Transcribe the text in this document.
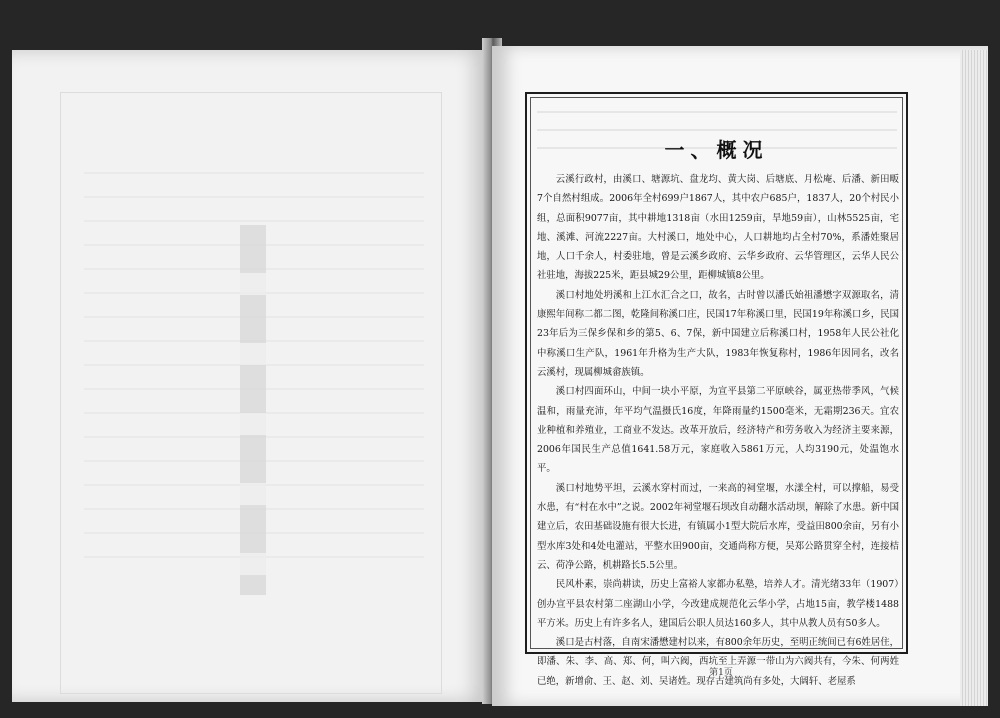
一、概况

云溪行政村，由溪口、塘源坑、盘龙均、黄大岗、后塘底、月松庵、后潘、新田畈7个自然村组成。2006年全村699户1867人，其中农户685户，1837人，20个村民小组，总面积9077亩，其中耕地1318亩（水田1259亩，旱地59亩），山林5525亩，宅地、溪滩、河流2227亩。大村溪口，地处中心，人口耕地均占全村70%，系潘姓聚居地，人口千余人，村委驻地，曾是云溪乡政府、云华乡政府、云华管理区，云华人民公社驻地，海拔225米，距县城29公里，距柳城镇8公里。

溪口村地处坍溪和上江水汇合之口，故名，古时曾以潘氏始祖潘懋字双源取名，清康熙年间称二都二图，乾隆间称溪口庄，民国17年称溪口里，民国19年称溪口乡，民国23年后为三保乡保和乡的第5、6、7保，新中国建立后称溪口村，1958年人民公社化中称溪口生产队，1961年升格为生产大队，1983年恢复称村，1986年因同名，改名云溪村，现属柳城畲族镇。

溪口村四面环山，中间一块小平原，为宣平县第二平原峡谷，属亚热带季风，气候温和，雨量充沛，年平均气温摄氏16度，年降雨量约1500毫米，无霜期236天。宜农业种植和养殖业，工商业不发达。改革开放后，经济特产和劳务收入为经济主要来源，2006年国民生产总值1641.58万元，家庭收入5861万元，人均3190元，处温饱水平。

溪口村地势平坦，云溪水穿村而过，一来高的祠堂堰，水漾全村，可以撑船，易受水患，有“村在水中”之说。2002年祠堂堰石坝改自动翻水活动坝，解除了水患。新中国建立后，农田基础设施有很大长进，有镇属小1型大院后水库，受益田800余亩，另有小型水库3处和4处电灌站，平整水田900亩，交通尚称方便，吴郑公路贯穿全村，连接桔云、荷净公路，机耕路长5.5公里。

民风朴素，崇尚耕读，历史上富裕人家都办私塾，培养人才。清光绪33年（1907）创办宣平县农村第二座湖山小学，今改建成规范化云华小学，占地15亩，教学楼1488平方米。历史上有许多名人，建国后公职人员达160多人，其中从教人员有50多人。

溪口是古村落，自南宋潘懋建村以来，有800余年历史，至明正统间已有6姓居住，即潘、朱、李、高、郑、何，叫六阀，西坑至上弄源一带山为六阀共有，今朱、何两姓已绝，新增俞、王、赵、刘、吴诸姓。现存古建筑尚有多处，大阔轩、老屋系

第1页
